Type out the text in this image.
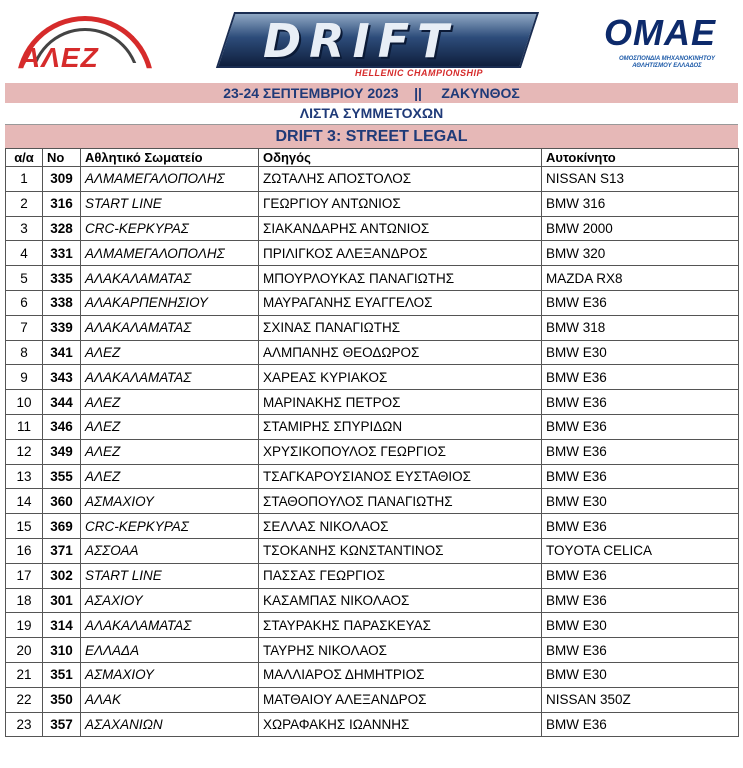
ΑΛΕΖ	DRIFT
HELLENIC CHAMPIONSHIP
OMAE
ΟΜΟΣΠΟΝΔΙΑ ΜΗΧΑΝΟΚΙΝΗΤΟΥ ΑΘΛΗΤΙΣΜΟΥ ΕΛΛΑΔΟΣ
23-24 ΣΕΠΤΕΜΒΡΙΟΥ 2023    ||     ΖΑΚΥΝΘΟΣ
ΛΙΣΤΑ ΣΥΜΜΕΤΟΧΩΝ
DRIFT 3: STREET LEGAL
α/α	Νο	Αθλητικό Σωματείο	Οδηγός	Αυτοκίνητο
1	309	ΑΛΜΑΜΕΓΑΛΟΠΟΛΗΣ	ΖΩΤΑΛΗΣ ΑΠΟΣΤΟΛΟΣ	NISSAN S13
2	316	START LINE	ΓΕΩΡΓΙΟΥ ΑΝΤΩΝΙΟΣ	BMW 316
3	328	CRC-ΚΕΡΚΥΡΑΣ	ΣΙΑΚΑΝΔΑΡΗΣ ΑΝΤΩΝΙΟΣ	BMW 2000
4	331	ΑΛΜΑΜΕΓΑΛΟΠΟΛΗΣ	ΠΡΙΛΙΓΚΟΣ ΑΛΕΞΑΝΔΡΟΣ	BMW 320
5	335	ΑΛΑΚΑΛΑΜΑΤΑΣ	ΜΠΟΥΡΛΟΥΚΑΣ ΠΑΝΑΓΙΩΤΗΣ	MAZDA RX8
6	338	ΑΛΑΚΑΡΠΕΝΗΣΙΟΥ	ΜΑΥΡΑΓΑΝΗΣ ΕΥΑΓΓΕΛΟΣ	BMW E36
7	339	ΑΛΑΚΑΛΑΜΑΤΑΣ	ΣΧΙΝΑΣ ΠΑΝΑΓΙΩΤΗΣ	BMW 318
8	341	ΑΛΕΖ	ΑΛΜΠΑΝΗΣ ΘΕΟΔΩΡΟΣ	BMW E30
9	343	ΑΛΑΚΑΛΑΜΑΤΑΣ	ΧΑΡΕΑΣ ΚΥΡΙΑΚΟΣ	BMW E36
10	344	ΑΛΕΖ	ΜΑΡΙΝΑΚΗΣ ΠΕΤΡΟΣ	BMW E36
11	346	ΑΛΕΖ	ΣΤΑΜΙΡΗΣ ΣΠΥΡΙΔΩΝ	BMW E36
12	349	ΑΛΕΖ	ΧΡΥΣΙΚΟΠΟΥΛΟΣ ΓΕΩΡΓΙΟΣ	BMW E36
13	355	ΑΛΕΖ	ΤΣΑΓΚΑΡΟΥΣΙΑΝΟΣ ΕΥΣΤΑΘΙΟΣ	BMW E36
14	360	ΑΣΜΑΧΙΟΥ	ΣΤΑΘΟΠΟΥΛΟΣ ΠΑΝΑΓΙΩΤΗΣ	BMW E30
15	369	CRC-ΚΕΡΚΥΡΑΣ	ΣΕΛΛΑΣ ΝΙΚΟΛΑΟΣ	BMW E36
16	371	ΑΣΣΟΑΑ	ΤΣΟΚΑΝΗΣ ΚΩΝΣΤΑΝΤΙΝΟΣ	TOYOTA CELICA
17	302	START LINE	ΠΑΣΣΑΣ ΓΕΩΡΓΙΟΣ	BMW E36
18	301	ΑΣΑΧΙΟΥ	ΚΑΣΑΜΠΑΣ ΝΙΚΟΛΑΟΣ	BMW E36
19	314	ΑΛΑΚΑΛΑΜΑΤΑΣ	ΣΤΑΥΡΑΚΗΣ ΠΑΡΑΣΚΕΥΑΣ	BMW E30
20	310	ΕΛΛΑΔΑ	ΤΑΥΡΗΣ ΝΙΚΟΛΑΟΣ	BMW E36
21	351	ΑΣΜΑΧΙΟΥ	ΜΑΛΛΙΑΡΟΣ ΔΗΜΗΤΡΙΟΣ	BMW E30
22	350	ΑΛΑΚ	ΜΑΤΘΑΙΟΥ ΑΛΕΞΑΝΔΡΟΣ	NISSAN 350Z
23	357	ΑΣΑΧΑΝΙΩΝ	ΧΩΡΑΦΑΚΗΣ ΙΩΑΝΝΗΣ	BMW E36
